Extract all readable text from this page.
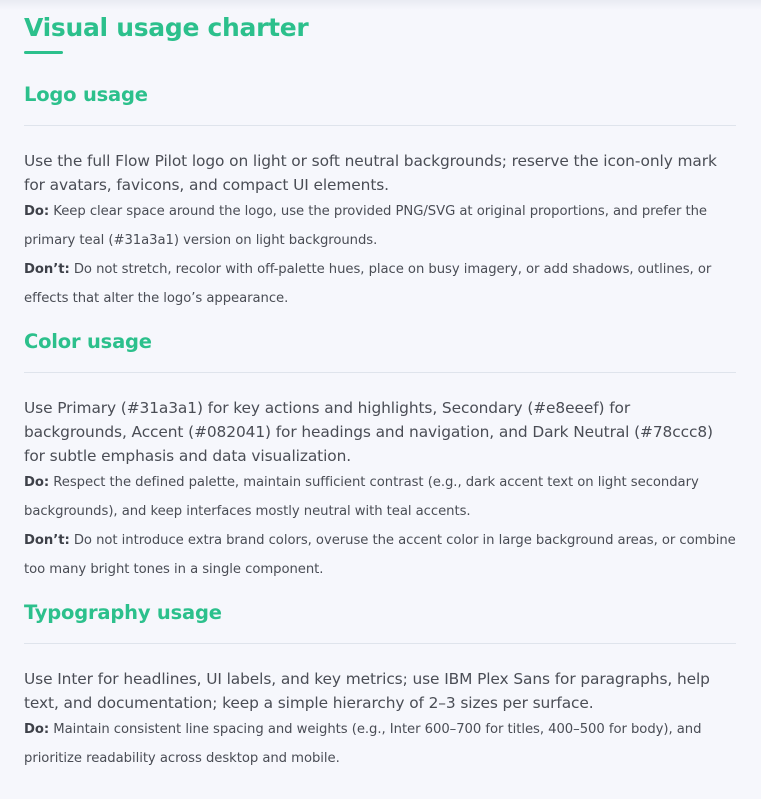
Visual usage charter
Logo usage

Use the full Flow Pilot logo on light or soft neutral backgrounds; reserve the icon-only mark for avatars, favicons, and compact UI elements.

Do: Keep clear space around the logo, use the provided PNG/SVG at original proportions, and prefer the primary teal (#31a3a1) version on light backgrounds.

Don’t: Do not stretch, recolor with off-palette hues, place on busy imagery, or add shadows, outlines, or effects that alter the logo’s appearance.

Color usage

Use Primary (#31a3a1) for key actions and highlights, Secondary (#e8eeef) for backgrounds, Accent (#082041) for headings and navigation, and Dark Neutral (#78ccc8) for subtle emphasis and data visualization.

Do: Respect the defined palette, maintain sufficient contrast (e.g., dark accent text on light secondary backgrounds), and keep interfaces mostly neutral with teal accents.

Don’t: Do not introduce extra brand colors, overuse the accent color in large background areas, or combine too many bright tones in a single component.

Typography usage

Use Inter for headlines, UI labels, and key metrics; use IBM Plex Sans for paragraphs, help text, and documentation; keep a simple hierarchy of 2–3 sizes per surface.

Do: Maintain consistent line spacing and weights (e.g., Inter 600–700 for titles, 400–500 for body), and prioritize readability across desktop and mobile.
